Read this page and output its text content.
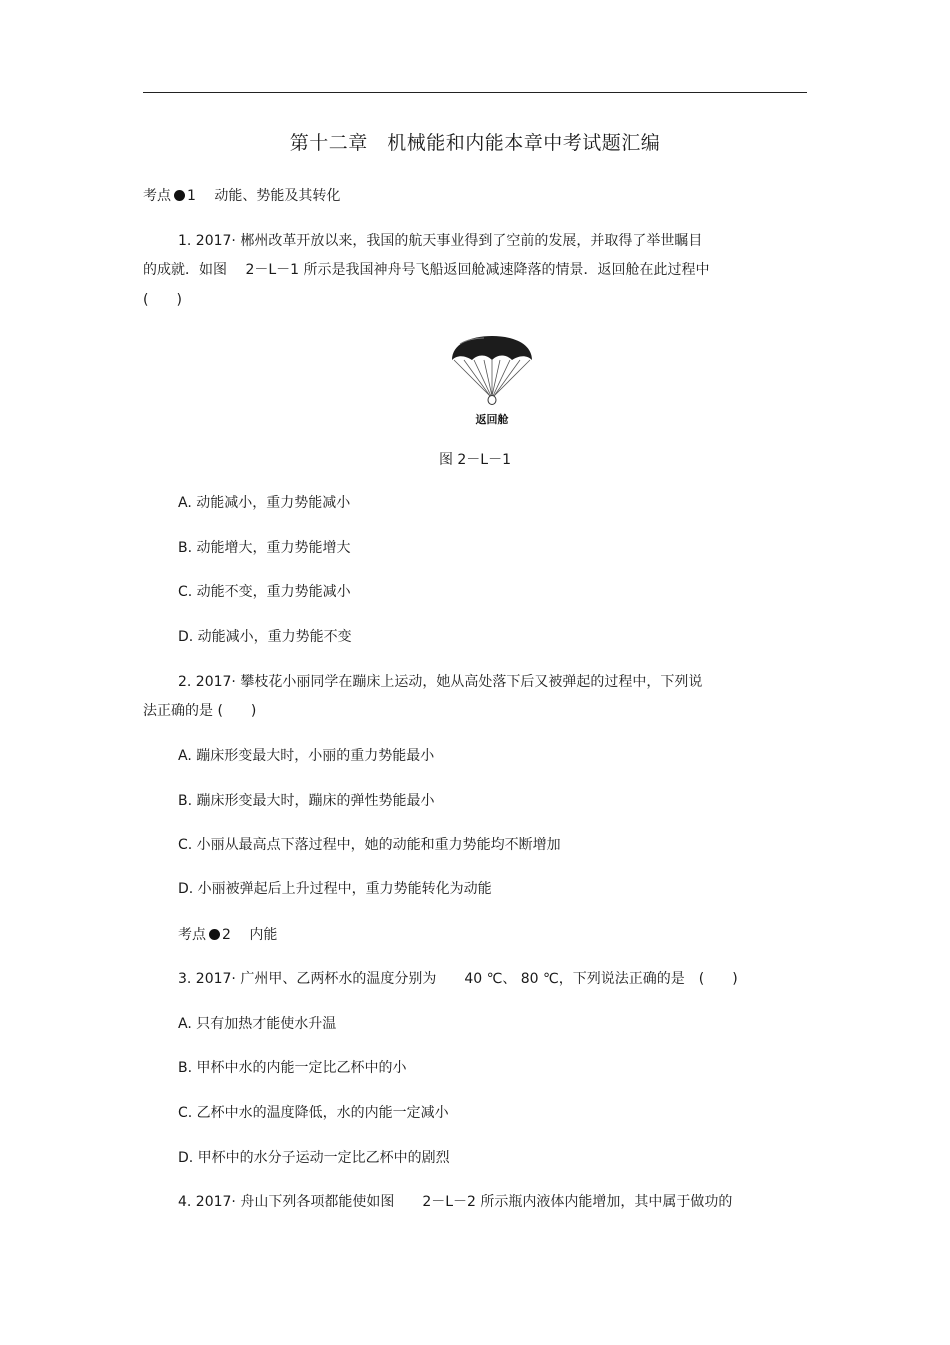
第十二章　机械能和内能本章中考试题汇编
考点 1　 动能、势能及其转化
1. 2017· 郴州改革开放以来，我国的航天事业得到了空前的发展，并取得了举世瞩目
的成就．如图　 2－L－1 所示是我国神舟号飞船返回舱减速降落的情景．返回舱在此过程中
(　　)
返回舱
图 2－L－1
A. 动能减小，重力势能减小
B. 动能增大，重力势能增大
C. 动能不变，重力势能减小
D. 动能减小，重力势能不变
2. 2017· 攀枝花小丽同学在蹦床上运动，她从高处落下后又被弹起的过程中，下列说
法正确的是 (　　)
A. 蹦床形变最大时，小丽的重力势能最小
B. 蹦床形变最大时，蹦床的弹性势能最小
C. 小丽从最高点下落过程中，她的动能和重力势能均不断增加
D. 小丽被弹起后上升过程中，重力势能转化为动能
考点 2　 内能
3. 2017· 广州甲、乙两杯水的温度分别为　　40 ℃、 80 ℃，下列说法正确的是　(　　)
A. 只有加热才能使水升温
B. 甲杯中水的内能一定比乙杯中的小
C. 乙杯中水的温度降低，水的内能一定减小
D. 甲杯中的水分子运动一定比乙杯中的剧烈
4. 2017· 舟山下列各项都能使如图　　2－L－2 所示瓶内液体内能增加，其中属于做功的
